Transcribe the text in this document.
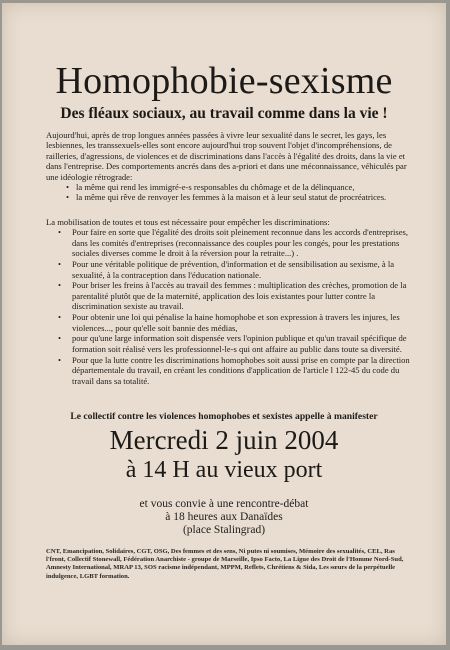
Homophobie-sexisme
Des fléaux sociaux, au travail comme dans la vie !
Aujourd'hui, après de trop longues années passées à vivre leur sexualité dans le secret, les gays, les lesbiennes, les transsexuels-elles sont encore aujourd'hui trop souvent l'objet d'incompréhensions, de railleries, d'agressions, de violences et de discriminations dans l'accès à l'égalité des droits, dans la vie et dans l'entreprise. Des comportements ancrés dans des a-priori et dans une méconnaissance, véhiculés par une idéologie rétrograde:
• la même qui rend les immigré-e-s responsables du chômage et de la délinquance,
• la même qui rêve de renvoyer les femmes à la maison et à leur seul statut de procréatrices.
La mobilisation de toutes et tous est nécessaire pour empêcher les discriminations:
• Pour faire en sorte que l'égalité des droits soit pleinement reconnue dans les accords d'entreprises, dans les comités d'entreprises (reconnaissance des couples pour les congés, pour les prestations sociales diverses comme le droit à la réversion pour la retraite...) .
• Pour une véritable politique de prévention, d'information et de sensibilisation au sexisme, à la sexualité, à la contraception dans l'éducation nationale.
• Pour briser les freins à l'accès au travail des femmes : multiplication des crèches, promotion de la parentalité plutôt que de la maternité, application des lois existantes pour lutter contre la discrimination sexiste au travail.
• Pour obtenir une loi qui pénalise la haine homophobe et son expression à travers les injures, les violences..., pour qu'elle soit bannie des médias,
• pour qu'une large information soit dispensée vers l'opinion publique et qu'un travail spécifique de formation soit réalisé vers les professionnel-le-s qui ont affaire au public dans toute sa diversité.
• Pour que la lutte contre les discriminations homophobes soit aussi prise en compte par la direction départementale du travail, en créant les conditions d'application de l'article l 122-45 du code du travail dans sa totalité.
Le collectif contre les violences homophobes et sexistes appelle à manifester
Mercredi 2 juin 2004
à 14 H au vieux port
et vous convie à une rencontre-débat
à 18 heures aux Danaïdes
(place Stalingrad)
CNT, Emancipation, Solidaires, CGT, OSG, Des femmes et des sens, Ni putes ni soumises, Mémoire des sexualités, CEL, Ras l'front, Collectif Stonewall, Fédération Anarchiste - groupe de Marseille, Ipso Facto, La Ligue des Droit de l'Homme Nord-Sud, Amnesty International, MRAP 13, SOS racisme indépendant, MPPM, Reflets, Chrétiens & Sida, Les sœurs de la perpétuelle indulgence, LGBT formation.
